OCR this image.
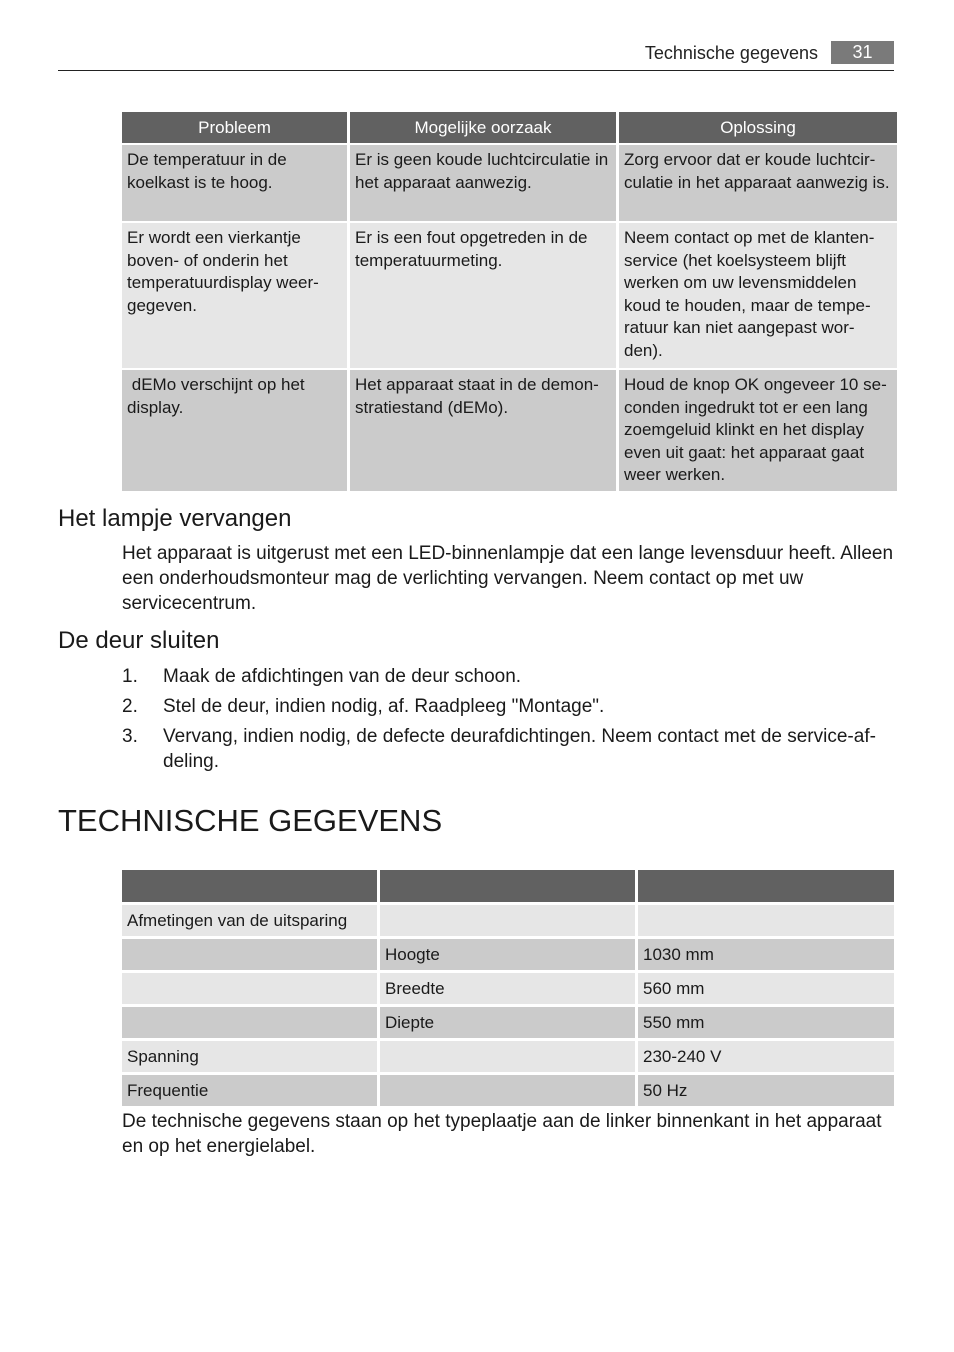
Technische gegevens	31
Probleem	Mogelijke oorzaak	Oplossing
De temperatuur in de koelkast is te hoog.	Er is geen koude luchtcirculatie in het apparaat aanwezig.	Zorg ervoor dat er koude luchtcir-culatie in het apparaat aanwezig is.
Er wordt een vierkantje boven- of onderin het temperatuurdisplay weer-gegeven.	Er is een fout opgetreden in de temperatuurmeting.	Neem contact op met de klanten-service (het koelsysteem blijft werken om uw levensmiddelen koud te houden, maar de tempe-ratuur kan niet aangepast wor-den).
dEMo verschijnt op het display.	Het apparaat staat in de demon-stratiestand (dEMo).	Houd de knop OK ongeveer 10 se-conden ingedrukt tot er een lang zoemgeluid klinkt en het display even uit gaat: het apparaat gaat weer werken.
Het lampje vervangen

Het apparaat is uitgerust met een LED-binnenlampje dat een lange levensduur heeft. Alleen een onderhoudsmonteur mag de verlichting vervangen. Neem contact op met uw servicecentrum.

De deur sluiten
1. Maak de afdichtingen van de deur schoon.
2. Stel de deur, indien nodig, af. Raadpleeg "Montage".
3. Vervang, indien nodig, de defecte deurafdichtingen. Neem contact met de service-af-deling.
TECHNISCHE GEGEVENS

Afmetingen van de uitsparing		
	Hoogte	1030 mm
	Breedte	560 mm
	Diepte	550 mm
Spanning		230-240 V
Frequentie		50 Hz

De technische gegevens staan op het typeplaatje aan de linker binnenkant in het apparaat en op het energielabel.
